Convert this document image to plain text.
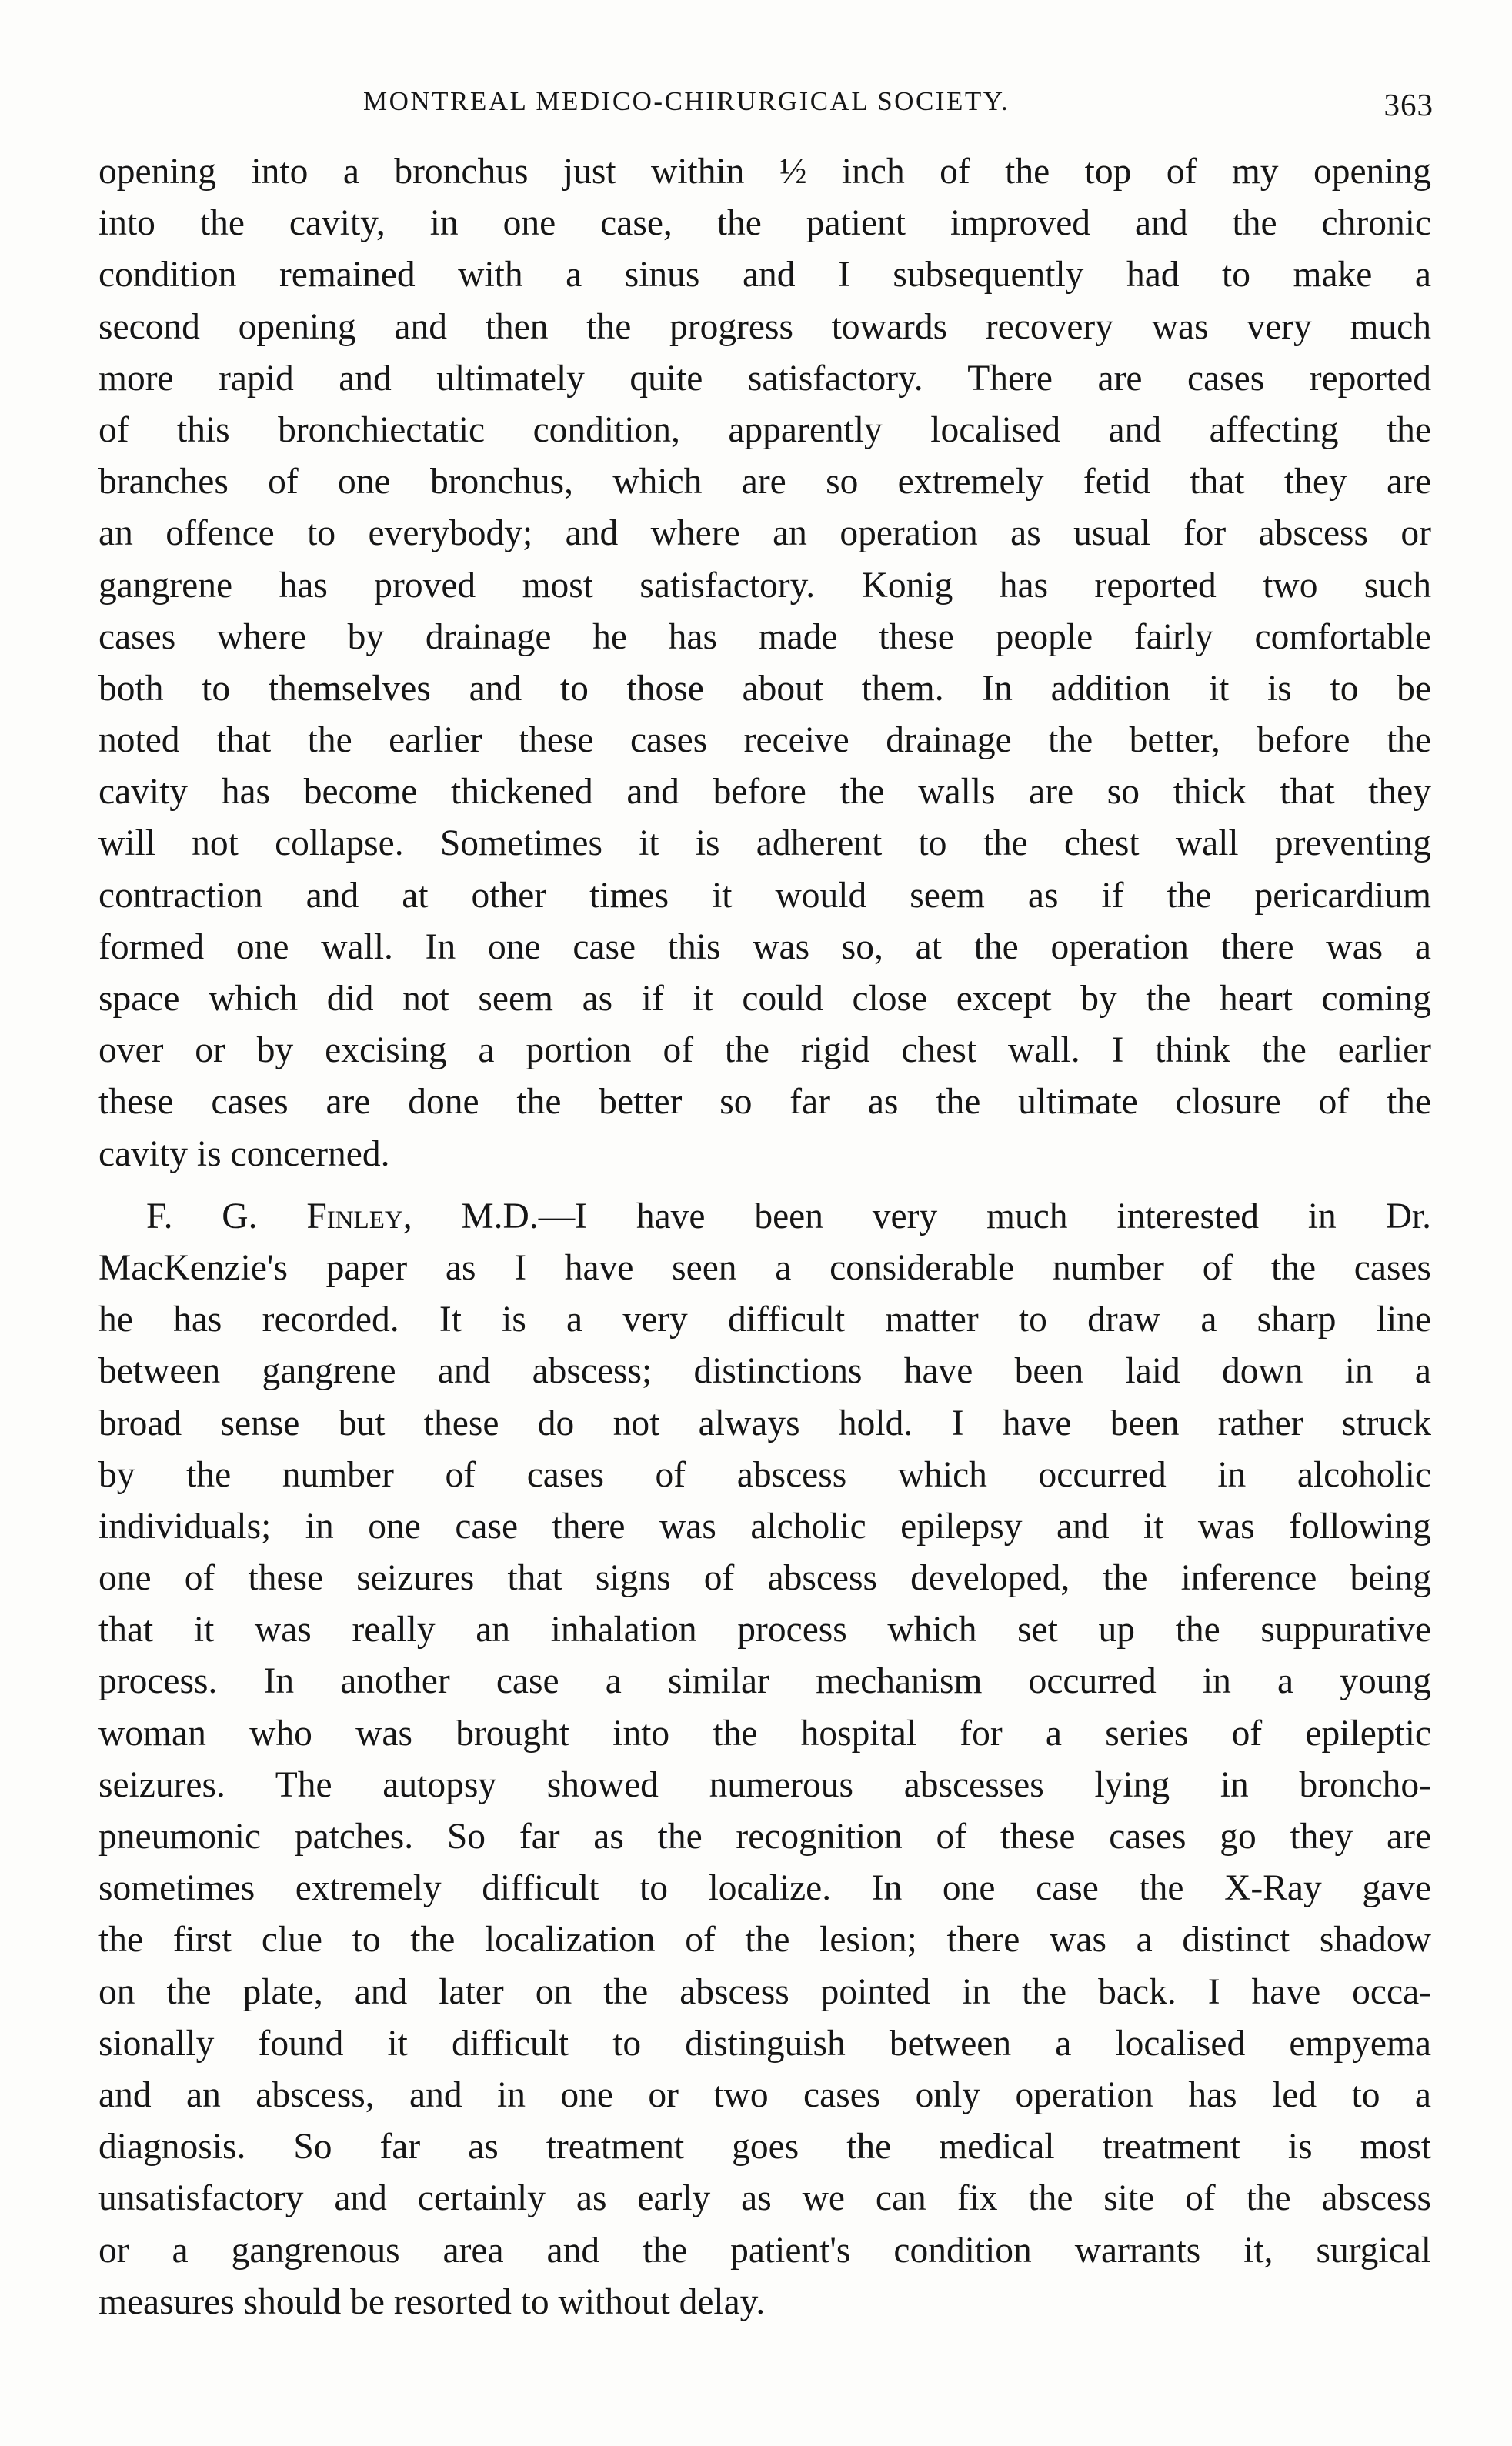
MONTREAL MEDICO-CHIRURGICAL SOCIETY.	363
opening into a bronchus just within ½ inch of the top of my opening
into the cavity, in one case, the patient improved and the chronic
condition remained with a sinus and I subsequently had to make a
second opening and then the progress towards recovery was very much
more rapid and ultimately quite satisfactory. There are cases reported
of this bronchiectatic condition, apparently localised and affecting the
branches of one bronchus, which are so extremely fetid that they are
an offence to everybody; and where an operation as usual for abscess or
gangrene has proved most satisfactory. Konig has reported two such
cases where by drainage he has made these people fairly comfortable
both to themselves and to those about them. In addition it is to be
noted that the earlier these cases receive drainage the better, before the
cavity has become thickened and before the walls are so thick that they
will not collapse. Sometimes it is adherent to the chest wall preventing
contraction and at other times it would seem as if the pericardium
formed one wall. In one case this was so, at the operation there was a
space which did not seem as if it could close except by the heart coming
over or by excising a portion of the rigid chest wall. I think the earlier
these cases are done the better so far as the ultimate closure of the
cavity is concerned.
F. G. Finley, M.D.—I have been very much interested in Dr.
MacKenzie's paper as I have seen a considerable number of the cases
he has recorded. It is a very difficult matter to draw a sharp line
between gangrene and abscess; distinctions have been laid down in a
broad sense but these do not always hold. I have been rather struck
by the number of cases of abscess which occurred in alcoholic
individuals; in one case there was alcholic epilepsy and it was following
one of these seizures that signs of abscess developed, the inference being
that it was really an inhalation process which set up the suppurative
process. In another case a similar mechanism occurred in a young
woman who was brought into the hospital for a series of epileptic
seizures. The autopsy showed numerous abscesses lying in broncho-
pneumonic patches. So far as the recognition of these cases go they are
sometimes extremely difficult to localize. In one case the X-Ray gave
the first clue to the localization of the lesion; there was a distinct shadow
on the plate, and later on the abscess pointed in the back. I have occa-
sionally found it difficult to distinguish between a localised empyema
and an abscess, and in one or two cases only operation has led to a
diagnosis. So far as treatment goes the medical treatment is most
unsatisfactory and certainly as early as we can fix the site of the abscess
or a gangrenous area and the patient's condition warrants it, surgical
measures should be resorted to without delay.
